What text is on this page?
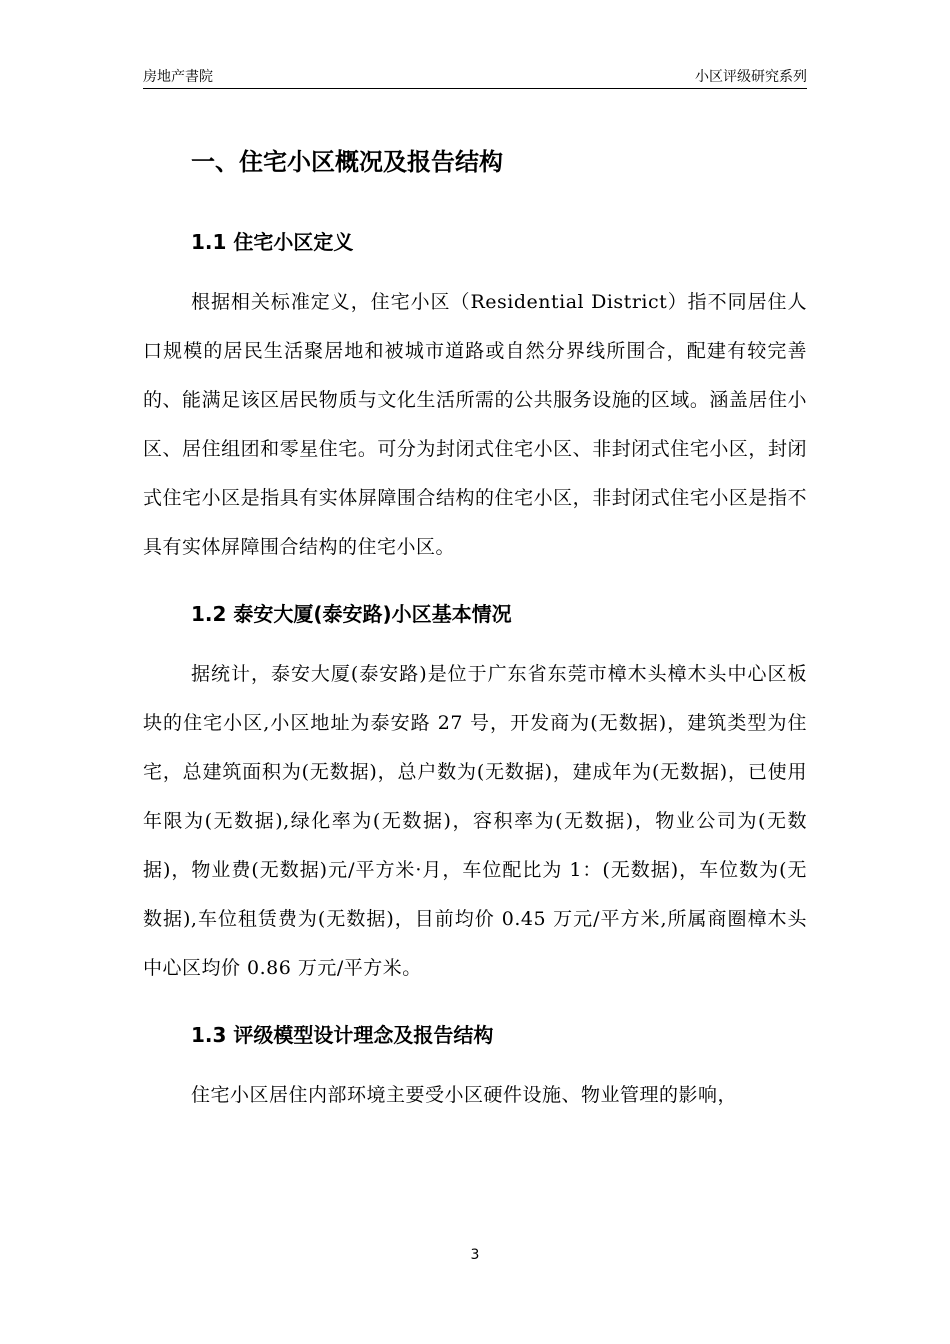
房地产書院	小区评级研究系列
一、住宅小区概况及报告结构
1.1 住宅小区定义

根据相关标准定义，住宅小区（Residential District）指不同居住人口规模的居民生活聚居地和被城市道路或自然分界线所围合，配建有较完善的、能满足该区居民物质与文化生活所需的公共服务设施的区域。涵盖居住小区、居住组团和零星住宅。可分为封闭式住宅小区、非封闭式住宅小区，封闭式住宅小区是指具有实体屏障围合结构的住宅小区，非封闭式住宅小区是指不具有实体屏障围合结构的住宅小区。

1.2 泰安大厦(泰安路)小区基本情况

据统计，泰安大厦(泰安路)是位于广东省东莞市樟木头樟木头中心区板块的住宅小区,小区地址为泰安路 27 号，开发商为(无数据)，建筑类型为住宅，总建筑面积为(无数据)，总户数为(无数据)，建成年为(无数据)，已使用年限为(无数据),绿化率为(无数据)，容积率为(无数据)，物业公司为(无数据)，物业费(无数据)元/平方米·月，车位配比为 1：(无数据)，车位数为(无数据),车位租赁费为(无数据)，目前均价 0.45 万元/平方米,所属商圈樟木头中心区均价 0.86 万元/平方米。

1.3 评级模型设计理念及报告结构

住宅小区居住内部环境主要受小区硬件设施、物业管理的影响，

3
